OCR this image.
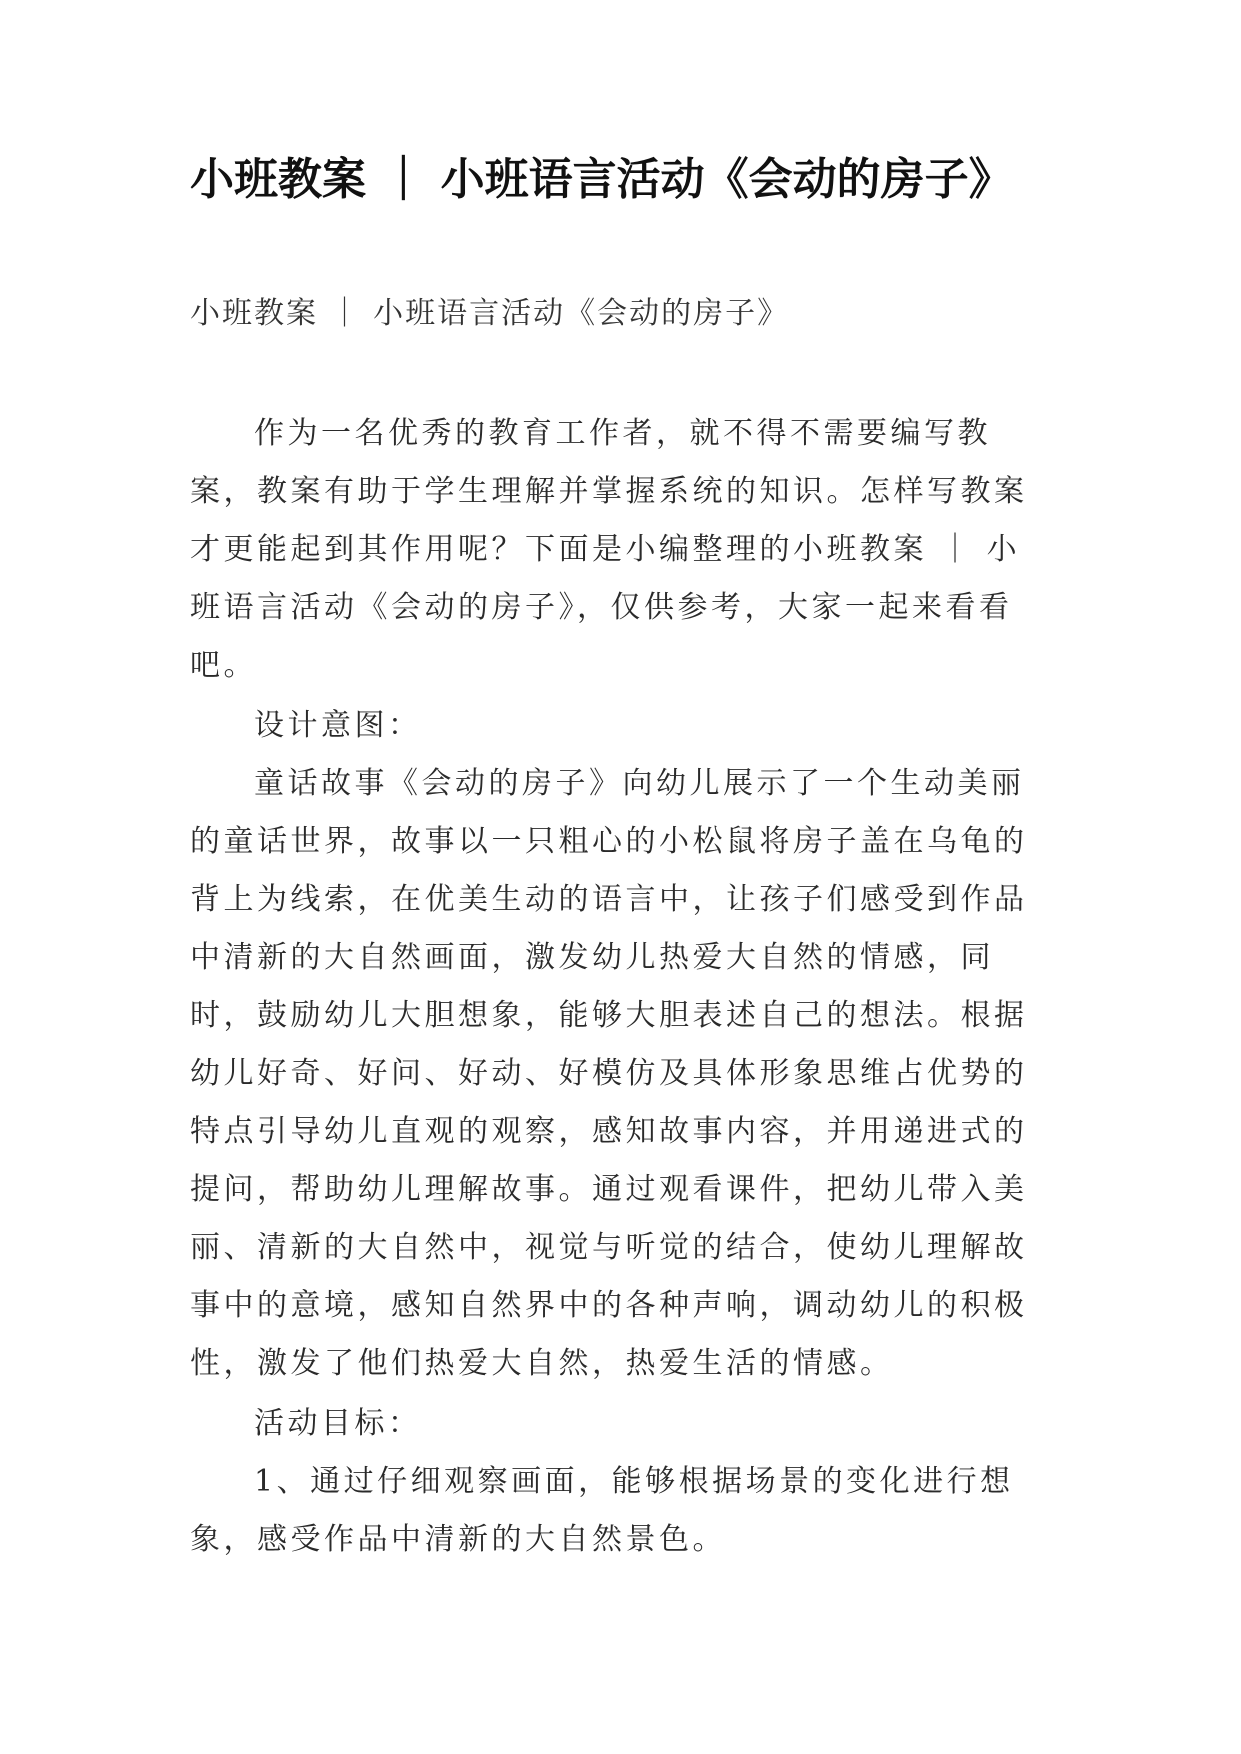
小班教案 ｜ 小班语言活动《会动的房子》
小班教案 ｜ 小班语言活动《会动的房子》

作为一名优秀的教育工作者，就不得不需要编写教案，教案有助于学生理解并掌握系统的知识。怎样写教案才更能起到其作用呢？下面是小编整理的小班教案 ｜ 小班语言活动《会动的房子》，仅供参考，大家一起来看看吧。

设计意图：

童话故事《会动的房子》向幼儿展示了一个生动美丽的童话世界，故事以一只粗心的小松鼠将房子盖在乌龟的背上为线索，在优美生动的语言中，让孩子们感受到作品中清新的大自然画面，激发幼儿热爱大自然的情感，同时，鼓励幼儿大胆想象，能够大胆表述自己的想法。根据幼儿好奇、好问、好动、好模仿及具体形象思维占优势的特点引导幼儿直观的观察，感知故事内容，并用递进式的提问，帮助幼儿理解故事。通过观看课件，把幼儿带入美丽、清新的大自然中，视觉与听觉的结合，使幼儿理解故事中的意境，感知自然界中的各种声响，调动幼儿的积极性，激发了他们热爱大自然，热爱生活的情感。

活动目标：

1、通过仔细观察画面，能够根据场景的变化进行想象，感受作品中清新的大自然景色。
